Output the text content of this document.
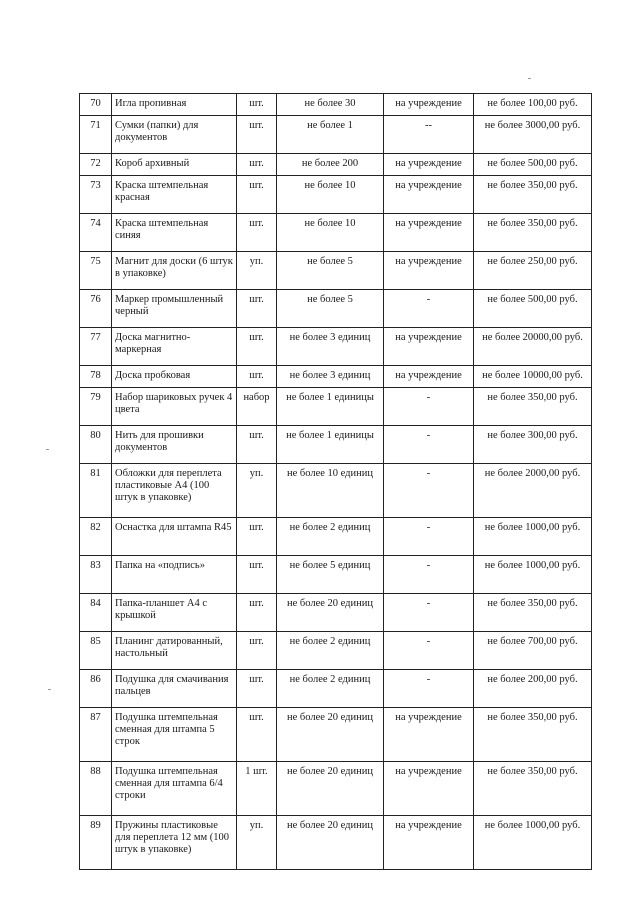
70	Игла пропивная	шт.	не более 30	на учреждение	не более 100,00 руб.
71	Сумки (папки) для документов	шт.	не более 1	--	не более 3000,00 руб.
72	Короб архивный	шт.	не более 200	на учреждение	не более 500,00 руб.
73	Краска штемпельная красная	шт.	не более 10	на учреждение	не более 350,00 руб.
74	Краска штемпельная синяя	шт.	не более 10	на учреждение	не более 350,00 руб.
75	Магнит для доски (6 штук в упаковке)	уп.	не более 5	на учреждение	не более 250,00 руб.
76	Маркер промышленный черный	шт.	не более 5	-	не более 500,00 руб.
77	Доска магнитно-маркерная	шт.	не более 3 единиц	на учреждение	не более 20000,00 руб.
78	Доска пробковая	шт.	не более 3 единиц	на учреждение	не более 10000,00 руб.
79	Набор шариковых ручек 4 цвета	набор	не более 1 единицы	-	не более 350,00 руб.
80	Нить для прошивки документов	шт.	не более 1 единицы	-	не более 300,00 руб.
81	Обложки для переплета пластиковые А4 (100 штук в упаковке)	уп.	не более 10 единиц	-	не более 2000,00 руб.
82	Оснастка для штампа R45	шт.	не более 2 единиц	-	не более 1000,00 руб.
83	Папка на «подпись»	шт.	не более 5 единиц	-	не более 1000,00 руб.
84	Папка-планшет А4 с крышкой	шт.	не более 20 единиц	-	не более 350,00 руб.
85	Планинг датированный, настольный	шт.	не более 2 единиц	-	не более 700,00 руб.
86	Подушка для смачивания пальцев	шт.	не более 2 единиц	-	не более 200,00 руб.
87	Подушка штемпельная сменная для штампа 5 строк	шт.	не более 20 единиц	на учреждение	не более 350,00 руб.
88	Подушка штемпельная сменная для штампа 6/4 строки	1 шт.	не более 20 единиц	на учреждение	не более 350,00 руб.
89	Пружины пластиковые для переплета 12 мм (100 штук в упаковке)	уп.	не более 20 единиц	на учреждение	не более 1000,00 руб.
